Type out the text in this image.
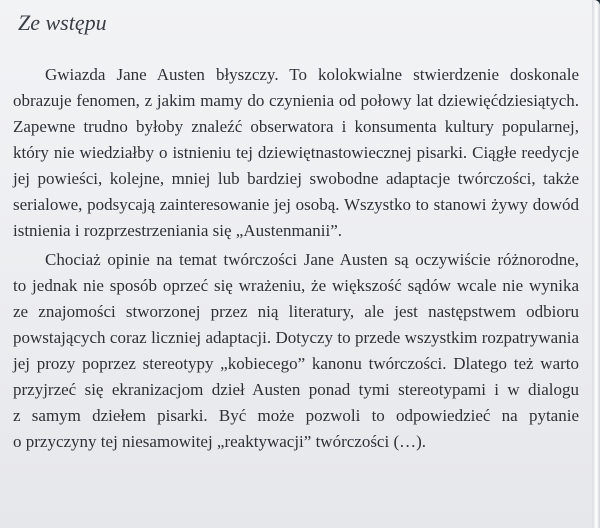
Ze wstępu

Gwiazda Jane Austen błyszczy. To kolokwialne stwierdzenie doskonale
obrazuje fenomen, z jakim mamy do czynienia od połowy lat dziewięćdziesiątych.
Zapewne trudno byłoby znaleźć obserwatora i konsumenta kultury popularnej,
który nie wiedziałby o istnieniu tej dziewiętnastowiecznej pisarki. Ciągłe reedycje
jej powieści, kolejne, mniej lub bardziej swobodne adaptacje twórczości, także
serialowe, podsycają zainteresowanie jej osobą. Wszystko to stanowi żywy dowód
istnienia i rozprzestrzeniania się „Austenmanii”.

Chociaż opinie na temat twórczości Jane Austen są oczywiście różnorodne,
to jednak nie sposób oprzeć się wrażeniu, że większość sądów wcale nie wynika
ze znajomości stworzonej przez nią literatury, ale jest następstwem odbioru
powstających coraz liczniej adaptacji. Dotyczy to przede wszystkim rozpatrywania
jej prozy poprzez stereotypy „kobiecego” kanonu twórczości. Dlatego też warto
przyjrzeć się ekranizacjom dzieł Austen ponad tymi stereotypami i w dialogu
z samym dziełem pisarki. Być może pozwoli to odpowiedzieć na pytanie
o przyczyny tej niesamowitej „reaktywacji” twórczości (…).
